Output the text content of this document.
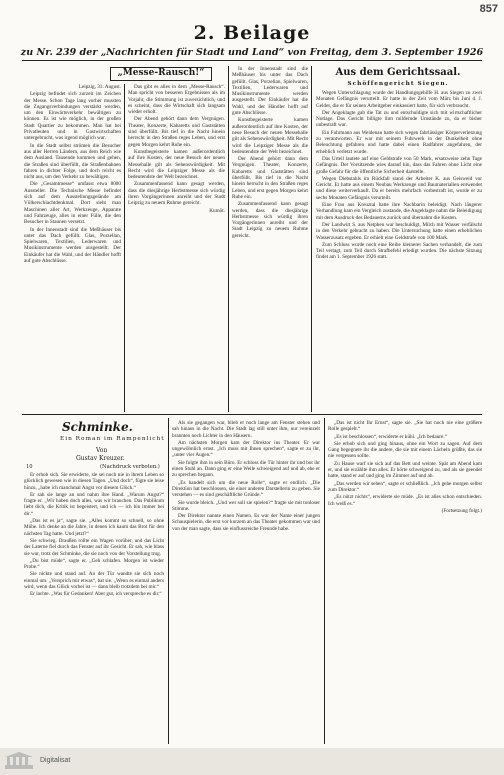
857
2. Beilage
zu Nr. 239 der „Nachrichten für Stadt und Land“ von Freitag, dem 3. September 1926
„Messe-Rausch!“
Leipzig, 31. August.

Leipzig befindet sich zurzeit im Zeichen der Messe. Schon Tage lang vorher mussten die Zugangsverbindungen verstärkt werden, um den Einwärtsverkehr bewältigen zu können. Es ist wie möglich, in der großen Stadt Quartier zu bekommen. Man hat bei Privatleuten und in Gastwirtschaften untergebracht, was irgend möglich war.

In die Stadt selbst strömen die Besucher aus aller Herren Ländern, aus dem Reich wie dem Ausland. Tausende kommen und gehen, die Straßen sind überfüllt, die Straßenbahnen fahren in dichter Folge, und doch reicht es nicht aus, um den Verkehr zu bewältigen.

Die „Gesamtmesse“ umfasst etwa 8000 Aussteller. Die Technische Messe befindet sich auf dem Ausstellungsgelände am Völkerschlachtdenkmal. Dort sieht man Maschinen aller Art, Werkzeuge, Apparate und Fahrzeuge, alles in einer Fülle, die den Besucher in Staunen versetzt.

In der Innenstadt sind die Meßhäuser bis unter das Dach gefüllt. Glas, Porzellan, Spielwaren, Textilien, Lederwaren und Musikinstrumente werden ausgestellt. Der Einkäufer hat die Wahl, und der Händler hofft auf gute Abschlüsse.

Das gibt es alles in dem „Messe-Rausch“. Man spricht von besseren Ergebnissen als im Vorjahr, die Stimmung ist zuversichtlich, und es scheint, dass die Wirtschaft sich langsam wieder erholt.

Der Abend gehört dann dem Vergnügen. Theater, Konzerte, Kabaretts und Gaststätten sind überfüllt. Bis tief in die Nacht hinein herrscht in den Straßen reges Leben, und erst gegen Morgen kehrt Ruhe ein.

Kunstbegeisterte kamen außerordentlich auf ihre Kosten, der neue Besuch der neuen Messehalle gilt als Sehenswürdigkeit. Mit Recht wird die Leipziger Messe als die bedeutendste der Welt bezeichnet.

Zusammenfassend kann gesagt werden, dass die diesjährige Herbstmesse sich würdig ihren Vorgängerinnen anreiht und der Stadt Leipzig zu neuem Ruhme gereicht.

Kumöt.

In der Innenstadt sind die Meßhäuser bis unter das Dach gefüllt. Glas, Porzellan, Spielwaren, Textilien, Lederwaren und Musikinstrumente werden ausgestellt. Der Einkäufer hat die Wahl, und der Händler hofft auf gute Abschlüsse.

Kunstbegeisterte kamen außerordentlich auf ihre Kosten, der neue Besuch der neuen Messehalle gilt als Sehenswürdigkeit. Mit Recht wird die Leipziger Messe als die bedeutendste der Welt bezeichnet.

Der Abend gehört dann dem Vergnügen. Theater, Konzerte, Kabaretts und Gaststätten sind überfüllt. Bis tief in die Nacht hinein herrscht in den Straßen reges Leben, und erst gegen Morgen kehrt Ruhe ein.

Zusammenfassend kann gesagt werden, dass die diesjährige Herbstmesse sich würdig ihren Vorgängerinnen anreiht und der Stadt Leipzig zu neuem Ruhme gereicht.

Aus dem Gerichtssaal.
Schöffengericht Siegen.

Wegen Unterschlagung wurde der Handlungsgehilfe H. aus Siegen zu zwei Monaten Gefängnis verurteilt. Er hatte in der Zeit vom März bis Juni d. J. Gelder, die er für seinen Arbeitgeber einkassiert hatte, für sich verbraucht.

Der Angeklagte gab die Tat zu und entschuldigte sich mit wirtschaftlicher Notlage. Das Gericht billigte ihm mildernde Umstände zu, da er bisher unbestraft war.

Ein Fuhrmann aus Weidenau hatte sich wegen fahrlässiger Körperverletzung zu verantworten. Er war mit seinem Fuhrwerk in der Dunkelheit ohne Beleuchtung gefahren und hatte dabei einen Radfahrer angefahren, der erheblich verletzt wurde.

Das Urteil lautete auf eine Geldstrafe von 50 Mark, ersatzweise zehn Tage Gefängnis. Der Vorsitzende wies darauf hin, dass das Fahren ohne Licht eine große Gefahr für die öffentliche Sicherheit darstelle.

Wegen Diebstahls im Rückfall stand der Arbeiter K. aus Geisweid vor Gericht. Er hatte aus einem Neubau Werkzeuge und Baumaterialien entwendet und diese weiterverkauft. Da er bereits mehrfach vorbestraft ist, wurde er zu sechs Monaten Gefängnis verurteilt.

Eine Frau aus Kreuztal hatte ihre Nachbarin beleidigt. Nach längerer Verhandlung kam ein Vergleich zustande, die Angeklagte nahm die Beleidigung mit dem Ausdruck des Bedauerns zurück und übernahm die Kosten.

Der Landwirt S. aus Netphen war beschuldigt, Milch mit Wasser verfälscht in den Verkehr gebracht zu haben. Die Untersuchung hatte einen erheblichen Wasserzusatz ergeben. Er erhielt eine Geldstrafe von 100 Mark.

Zum Schluss wurde noch eine Reihe kleinerer Sachen verhandelt, die zum Teil vertagt, zum Teil durch Strafbefehl erledigt wurden. Die nächste Sitzung findet am 1. September 1926 statt.

Schminke.
Ein Roman im Rampenlicht
Von
Gustav Kreuzer.
(Nachdruck verboten.)
10

Er erhob sich. Sie erwiderte, sie sei noch nie in ihrem Leben so glücklich gewesen wie in diesen Tagen. „Und doch“, fügte sie leise hinzu, „habe ich manchmal Angst vor diesem Glück.“

Er sah sie lange an und nahm ihre Hand. „Warum Angst?“ fragte er. „Wir haben doch alles, was wir brauchen. Das Publikum liebt dich, die Kritik ist begeistert, und ich — ich bin immer bei dir.“

„Das ist es ja“, sagte sie. „Alles kommt so schnell, so ohne Mühe. Ich denke an die Jahre, in denen ich kaum das Brot für den nächsten Tag hatte. Und jetzt?“

Sie schwieg. Draußen rollte ein Wagen vorüber, und das Licht der Laterne fiel durch das Fenster auf ihr Gesicht. Er sah, wie blass sie war, trotz der Schminke, die sie noch von der Vorstellung trug.

„Du bist müde“, sagte er. „Geh schlafen. Morgen ist wieder Probe.“

Sie nickte und stand auf. An der Tür wandte sie sich noch einmal um. „Versprich mir etwas“, bat sie. „Wenn es einmal anders wird, wenn das Glück vorbei ist — dann bleib trotzdem bei mir.“

Er lachte. „Was für Gedanken! Aber gut, ich verspreche es dir.“

Als sie gegangen war, blieb er noch lange am Fenster stehen und sah hinaus in die Nacht. Die Stadt lag still unter ihm, nur vereinzelt brannten noch Lichter in den Häusern.

Am nächsten Morgen kam der Direktor ins Theater. Er war ungewöhnlich ernst. „Ich muss mit Ihnen sprechen“, sagte er zu ihr, „unter vier Augen.“

Sie folgte ihm in sein Büro. Er schloss die Tür hinter ihr und bot ihr einen Stuhl an. Dann ging er eine Weile schweigend auf und ab, ehe er zu sprechen begann.

„Es handelt sich um die neue Rolle“, sagte er endlich. „Die Direktion hat beschlossen, sie einer anderen Darstellerin zu geben. Sie verstehen — es sind geschäftliche Gründe.“

Sie wurde bleich. „Und wer soll sie spielen?“ fragte sie mit tonloser Stimme.

Der Direktor nannte einen Namen. Es war der Name einer jungen Schauspielerin, die erst vor kurzem an das Theater gekommen war und von der man sagte, dass sie einflussreiche Freunde habe.

„Das ist nicht Ihr Ernst“, sagte sie. „Sie hat noch nie eine größere Rolle gespielt.“

„Es ist beschlossen“, erwiderte er kühl. „Ich bedaure.“

Sie erhob sich und ging hinaus, ohne ein Wort zu sagen. Auf dem Gang begegnete ihr die andere, die sie mit einem Lächeln grüßte, das sie nie vergessen sollte.

Zu Hause warf sie sich auf das Bett und weinte. Spät am Abend kam er, und sie erzählte ihm alles. Er hörte schweigend zu, und als sie geendet hatte, stand er auf und ging im Zimmer auf und ab.

„Das werden wir sehen“, sagte er schließlich. „Ich gehe morgen selbst zum Direktor.“

„Es nützt nichts“, erwiderte sie müde. „Es ist alles schon entschieden. Ich weiß es.“

(Fortsetzung folgt.)
Digitalisat
